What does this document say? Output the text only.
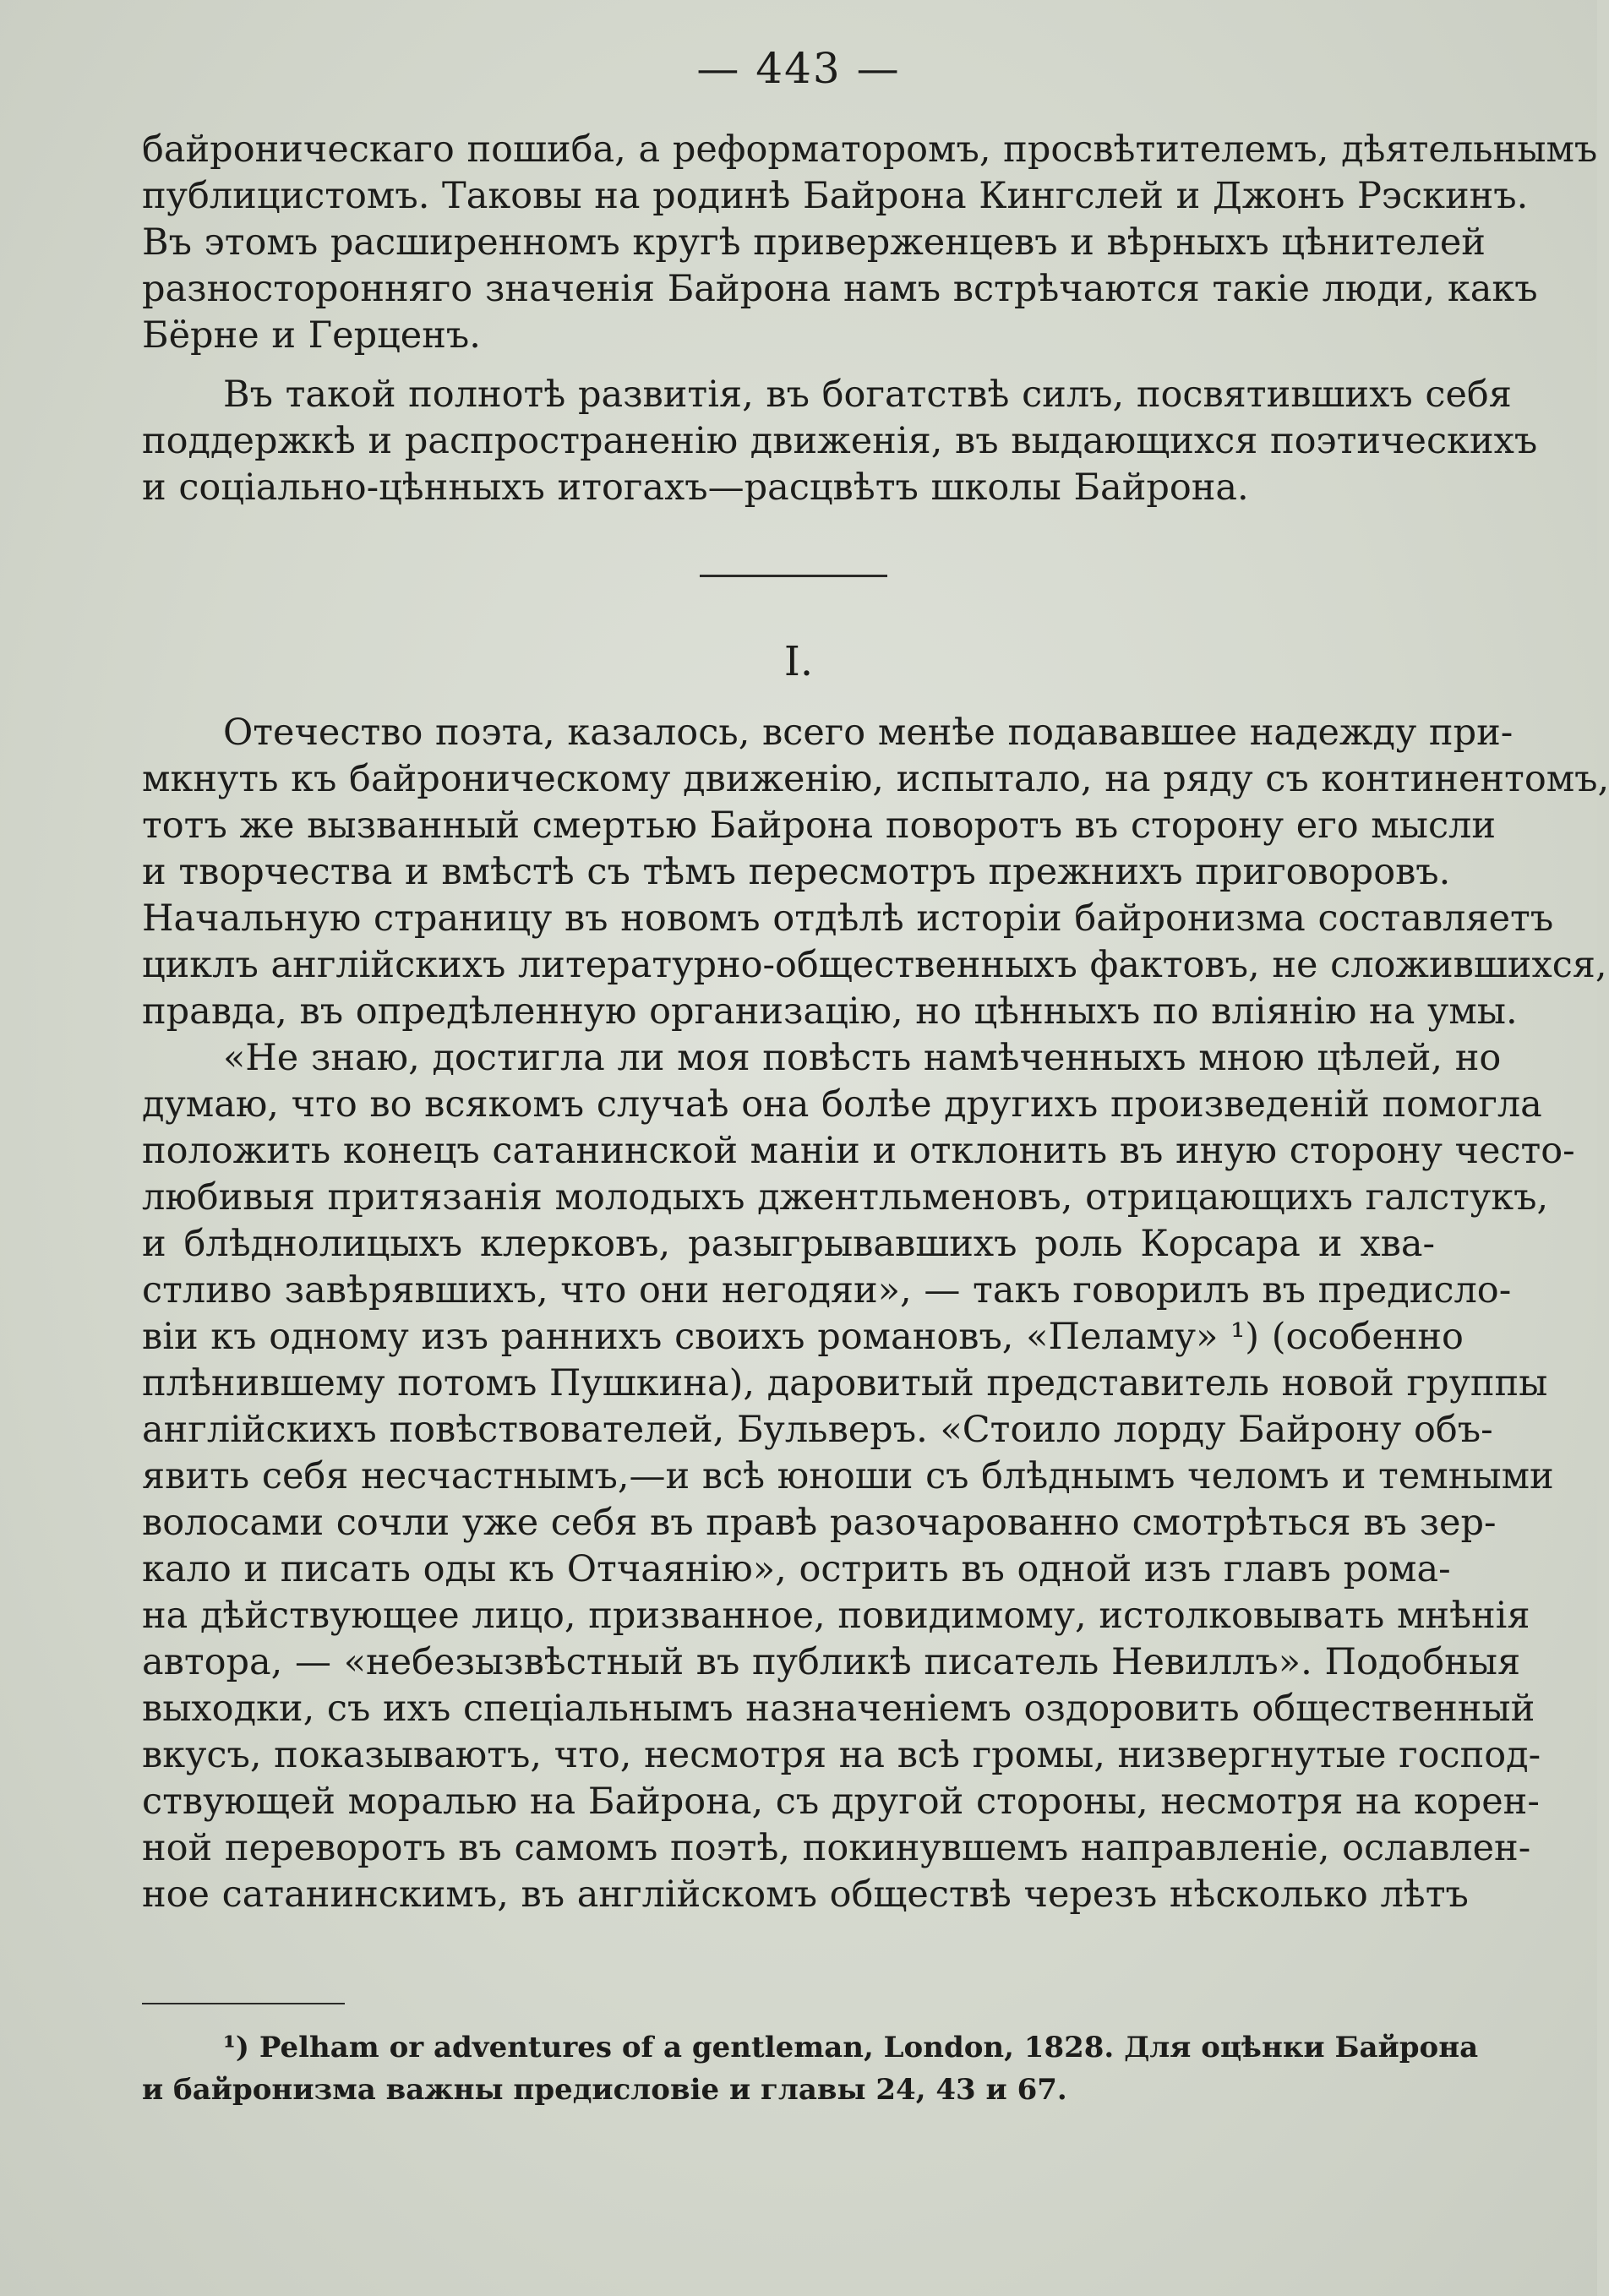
— 443 —
байроническаго пошиба, а реформаторомъ, просвѣтителемъ, дѣятельнымъ
публицистомъ. Таковы на родинѣ Байрона Кингслей и Джонъ Рэскинъ.
Въ этомъ расширенномъ кругѣ приверженцевъ и вѣрныхъ цѣнителей
разносторонняго значенія Байрона намъ встрѣчаются такіе люди, какъ
Бёрне и Герценъ.
Въ такой полнотѣ развитія, въ богатствѣ силъ, посвятившихъ себя
поддержкѣ и распространенію движенія, въ выдающихся поэтическихъ
и соціально-цѣнныхъ итогахъ—расцвѣтъ школы Байрона.
I.
Отечество поэта, казалось, всего менѣе подававшее надежду при-
мкнуть къ байроническому движенію, испытало, на ряду съ континентомъ,
тотъ же вызванный смертью Байрона поворотъ въ сторону его мысли
и творчества и вмѣстѣ съ тѣмъ пересмотръ прежнихъ приговоровъ.
Начальную страницу въ новомъ отдѣлѣ исторіи байронизма составляетъ
циклъ англійскихъ литературно-общественныхъ фактовъ, не сложившихся,
правда, въ опредѣленную организацію, но цѣнныхъ по вліянію на умы.
«Не знаю, достигла ли моя повѣсть намѣченныхъ мною цѣлей, но
думаю, что во всякомъ случаѣ она болѣе другихъ произведеній помогла
положить конецъ сатанинской маніи и отклонить въ иную сторону често-
любивыя притязанія молодыхъ джентльменовъ, отрицающихъ галстукъ,
и блѣднолицыхъ клерковъ, разыгрывавшихъ роль Корсара и хва-
стливо завѣрявшихъ, что они негодяи», — такъ говорилъ въ предисло-
віи къ одному изъ раннихъ своихъ романовъ, «Пеламу» ¹) (особенно
плѣнившему потомъ Пушкина), даровитый представитель новой группы
англійскихъ повѣствователей, Бульверъ. «Стоило лорду Байрону объ-
явить себя несчастнымъ,—и всѣ юноши съ блѣднымъ челомъ и темными
волосами сочли уже себя въ правѣ разочарованно смотрѣться въ зер-
кало и писать оды къ Отчаянію», острить въ одной изъ главъ рома-
на дѣйствующее лицо, призванное, повидимому, истолковывать мнѣнія
автора, — «небезызвѣстный въ публикѣ писатель Невиллъ». Подобныя
выходки, съ ихъ спеціальнымъ назначеніемъ оздоровить общественный
вкусъ, показываютъ, что, несмотря на всѣ громы, низвергнутые господ-
ствующей моралью на Байрона, съ другой стороны, несмотря на корен-
ной переворотъ въ самомъ поэтѣ, покинувшемъ направленіе, ославлен-
ное сатанинскимъ, въ англійскомъ обществѣ черезъ нѣсколько лѣтъ
¹) Pelham or adventures of a gentleman, London, 1828. Для оцѣнки Байрона
и байронизма важны предисловіе и главы 24, 43 и 67.
